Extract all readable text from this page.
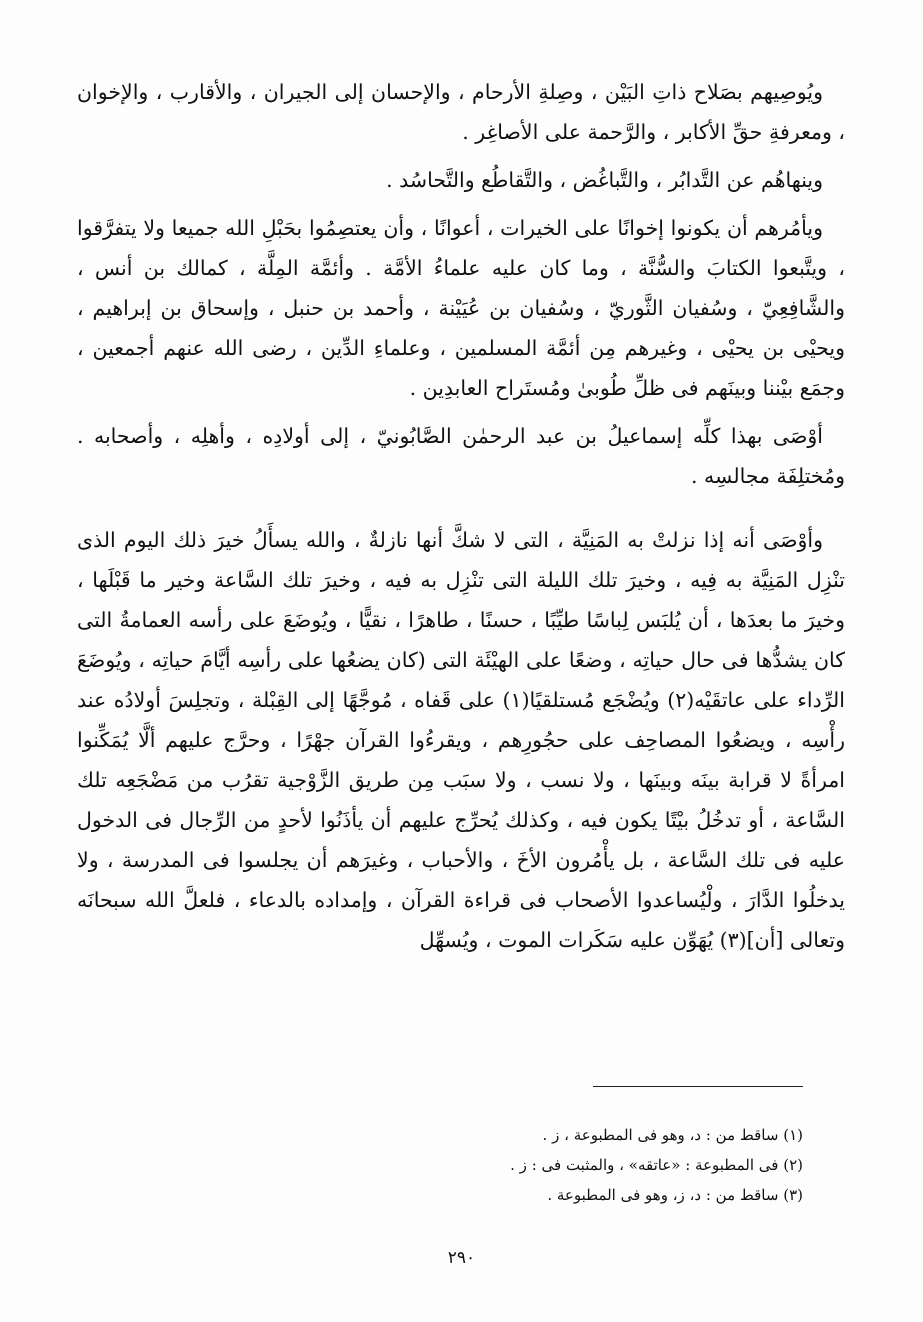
ويُوصِيهم بصَلاح ذاتِ البَيْن ، وصِلةِ الأرحام ، والإحسان إلى الجيران ، والأقارب ، والإخوان ، ومعرفةِ حقِّ الأكابر ، والرَّحمة على الأصاغِر .

وينهاهُم عن التَّدابُر ، والتَّباغُض ، والتَّقاطُع والتَّحاسُد .

ويأمُرهم أن يكونوا إخوانًا على الخيرات ، أعوانًا ، وأن يعتصِمُوا بحَبْلِ الله جميعا ولا يتفرَّقوا ، ويتَّبعوا الكتابَ والسُّنَّة ، وما كان عليه علماءُ الأمَّة . وأئمَّة المِلَّة ، كمالك بن أنس ، والشَّافِعِيّ ، وسُفيان الثَّوريّ ، وسُفيان بن عُيَيْنة ، وأحمد بن حنبل ، وإسحاق بن إبراهيم ، ويحيْى بن يحيْى ، وغيرهم مِن أئمَّة المسلمين ، وعلماءِ الدِّين ، رضى الله عنهم أجمعين ، وجمَع بيْننا وبينَهم فى ظلِّ طُوبىٰ ومُستَراح العابدِين .

أوْصَى بهذا كلِّه إسماعيلُ بن عبد الرحمٰن الصَّابُونيّ ، إلى أولادِه ، وأهلِه ، وأصحابه . ومُختلِفَة مجالسِه .

وأوْصَى أنه إذا نزلتْ به المَنِيَّة ، التى لا شكَّ أنها نازلةٌ ، والله يسأَلُ خيرَ ذلك اليوم الذى تنْزِل المَنِيَّة به فِيه ، وخيرَ تلك الليلة التى تنْزِل به فيه ، وخيرَ تلك السَّاعة وخير ما قَبْلَها ، وخيرَ ما بعدَها ، أن يُلبَس لِباسًا طيِّبًا ، حسنًا ، طاهرًا ، نقيًّا ، ويُوضَعَ على رأسه العمامةُ التى كان يشدُّها فى حال حياتِه ، وضعًا على الهيْئَة التى (كان يضعُها على رأسِه أيَّامَ حياتِه ، ويُوضَعَ الرِّداء على عاتقَيْه(٢) ويُضْجَع مُستلقيًا(١) على قَفاه ، مُوجَّهًا إلى القِبْلة ، وتجلِسَ أولادُه عند رأْسِه ، ويضعُوا المصاحِف على حجُورِهم ، ويقرءُوا القرآن جهْرًا ، وحرَّج عليهم ألَّا يُمَكِّنوا امرأةً لا قرابة بينَه وبينَها ، ولا نسب ، ولا سبَب مِن طريق الزَّوْجية تقرُب من مَضْجَعِه تلك السَّاعة ، أو تدخُلُ بيْتًا يكون فيه ، وكذلك يُحرِّج عليهم أن يأذَنُوا لأحدٍ من الرِّجال فى الدخول عليه فى تلك السَّاعة ، بل يأْمُرون الأخَ ، والأحباب ، وغيرَهم أن يجلسوا فى المدرسة ، ولا يدخلُوا الدَّارَ ، ولْيُساعدوا الأصحاب فى قراءة القرآن ، وإمداده بالدعاء ، فلعلَّ الله سبحانَه وتعالى [أن](٣) يُهَوِّن عليه سَكَرات الموت ، ويُسهِّل

(١) ساقط من : د، وهو فى المطبوعة ، ز .

(٢) فى المطبوعة : «عاتقه» ، والمثبت فى : ز .

(٣) ساقط من : د، ز، وهو فى المطبوعة .

٢٩٠
